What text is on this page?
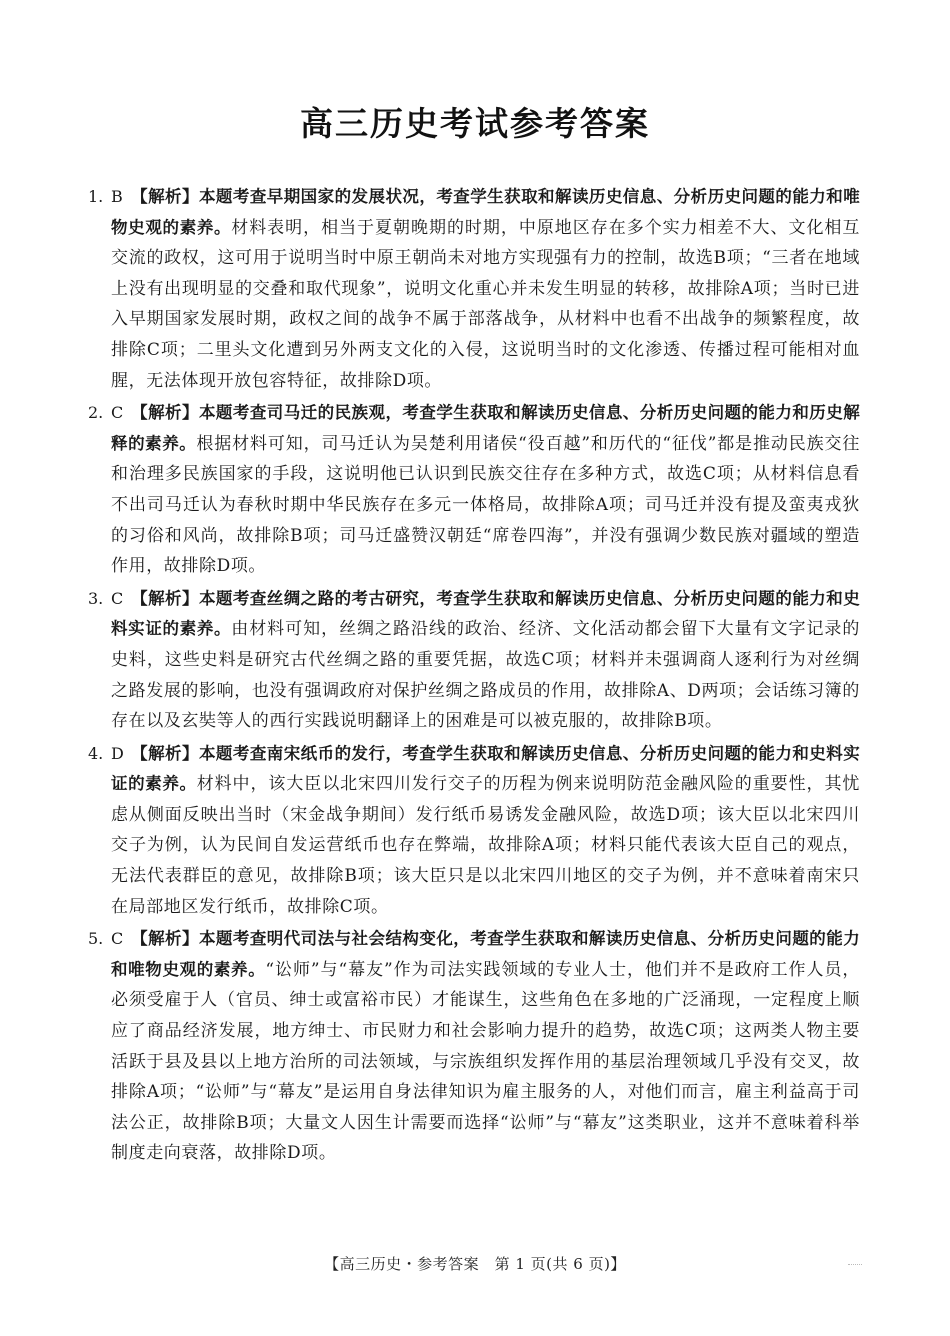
高三历史考试参考答案
1. B 【解析】本题考查早期国家的发展状况，考查学生获取和解读历史信息、分析历史问题的能力和唯物史观的素养。材料表明，相当于夏朝晚期的时期，中原地区存在多个实力相差不大、文化相互交流的政权，这可用于说明当时中原王朝尚未对地方实现强有力的控制，故选B项；“三者在地域上没有出现明显的交叠和取代现象”，说明文化重心并未发生明显的转移，故排除A项；当时已进入早期国家发展时期，政权之间的战争不属于部落战争，从材料中也看不出战争的频繁程度，故排除C项；二里头文化遭到另外两支文化的入侵，这说明当时的文化渗透、传播过程可能相对血腥，无法体现开放包容特征，故排除D项。
2. C 【解析】本题考查司马迁的民族观，考查学生获取和解读历史信息、分析历史问题的能力和历史解释的素养。根据材料可知，司马迁认为吴楚利用诸侯“役百越”和历代的“征伐”都是推动民族交往和治理多民族国家的手段，这说明他已认识到民族交往存在多种方式，故选C项；从材料信息看不出司马迁认为春秋时期中华民族存在多元一体格局，故排除A项；司马迁并没有提及蛮夷戎狄的习俗和风尚，故排除B项；司马迁盛赞汉朝廷“席卷四海”，并没有强调少数民族对疆域的塑造作用，故排除D项。
3. C 【解析】本题考查丝绸之路的考古研究，考查学生获取和解读历史信息、分析历史问题的能力和史料实证的素养。由材料可知，丝绸之路沿线的政治、经济、文化活动都会留下大量有文字记录的史料，这些史料是研究古代丝绸之路的重要凭据，故选C项；材料并未强调商人逐利行为对丝绸之路发展的影响，也没有强调政府对保护丝绸之路成员的作用，故排除A、D两项；会话练习簿的存在以及玄奘等人的西行实践说明翻译上的困难是可以被克服的，故排除B项。
4. D 【解析】本题考查南宋纸币的发行，考查学生获取和解读历史信息、分析历史问题的能力和史料实证的素养。材料中，该大臣以北宋四川发行交子的历程为例来说明防范金融风险的重要性，其忧虑从侧面反映出当时（宋金战争期间）发行纸币易诱发金融风险，故选D项；该大臣以北宋四川交子为例，认为民间自发运营纸币也存在弊端，故排除A项；材料只能代表该大臣自己的观点，无法代表群臣的意见，故排除B项；该大臣只是以北宋四川地区的交子为例，并不意味着南宋只在局部地区发行纸币，故排除C项。
5. C 【解析】本题考查明代司法与社会结构变化，考查学生获取和解读历史信息、分析历史问题的能力和唯物史观的素养。“讼师”与“幕友”作为司法实践领域的专业人士，他们并不是政府工作人员，必须受雇于人（官员、绅士或富裕市民）才能谋生，这些角色在多地的广泛涌现，一定程度上顺应了商品经济发展，地方绅士、市民财力和社会影响力提升的趋势，故选C项；这两类人物主要活跃于县及县以上地方治所的司法领域，与宗族组织发挥作用的基层治理领域几乎没有交叉，故排除A项；“讼师”与“幕友”是运用自身法律知识为雇主服务的人，对他们而言，雇主利益高于司法公正，故排除B项；大量文人因生计需要而选择“讼师”与“幕友”这类职业，这并不意味着科举制度走向衰落，故排除D项。
【高三历史・参考答案　第 1 页(共 6 页)】
